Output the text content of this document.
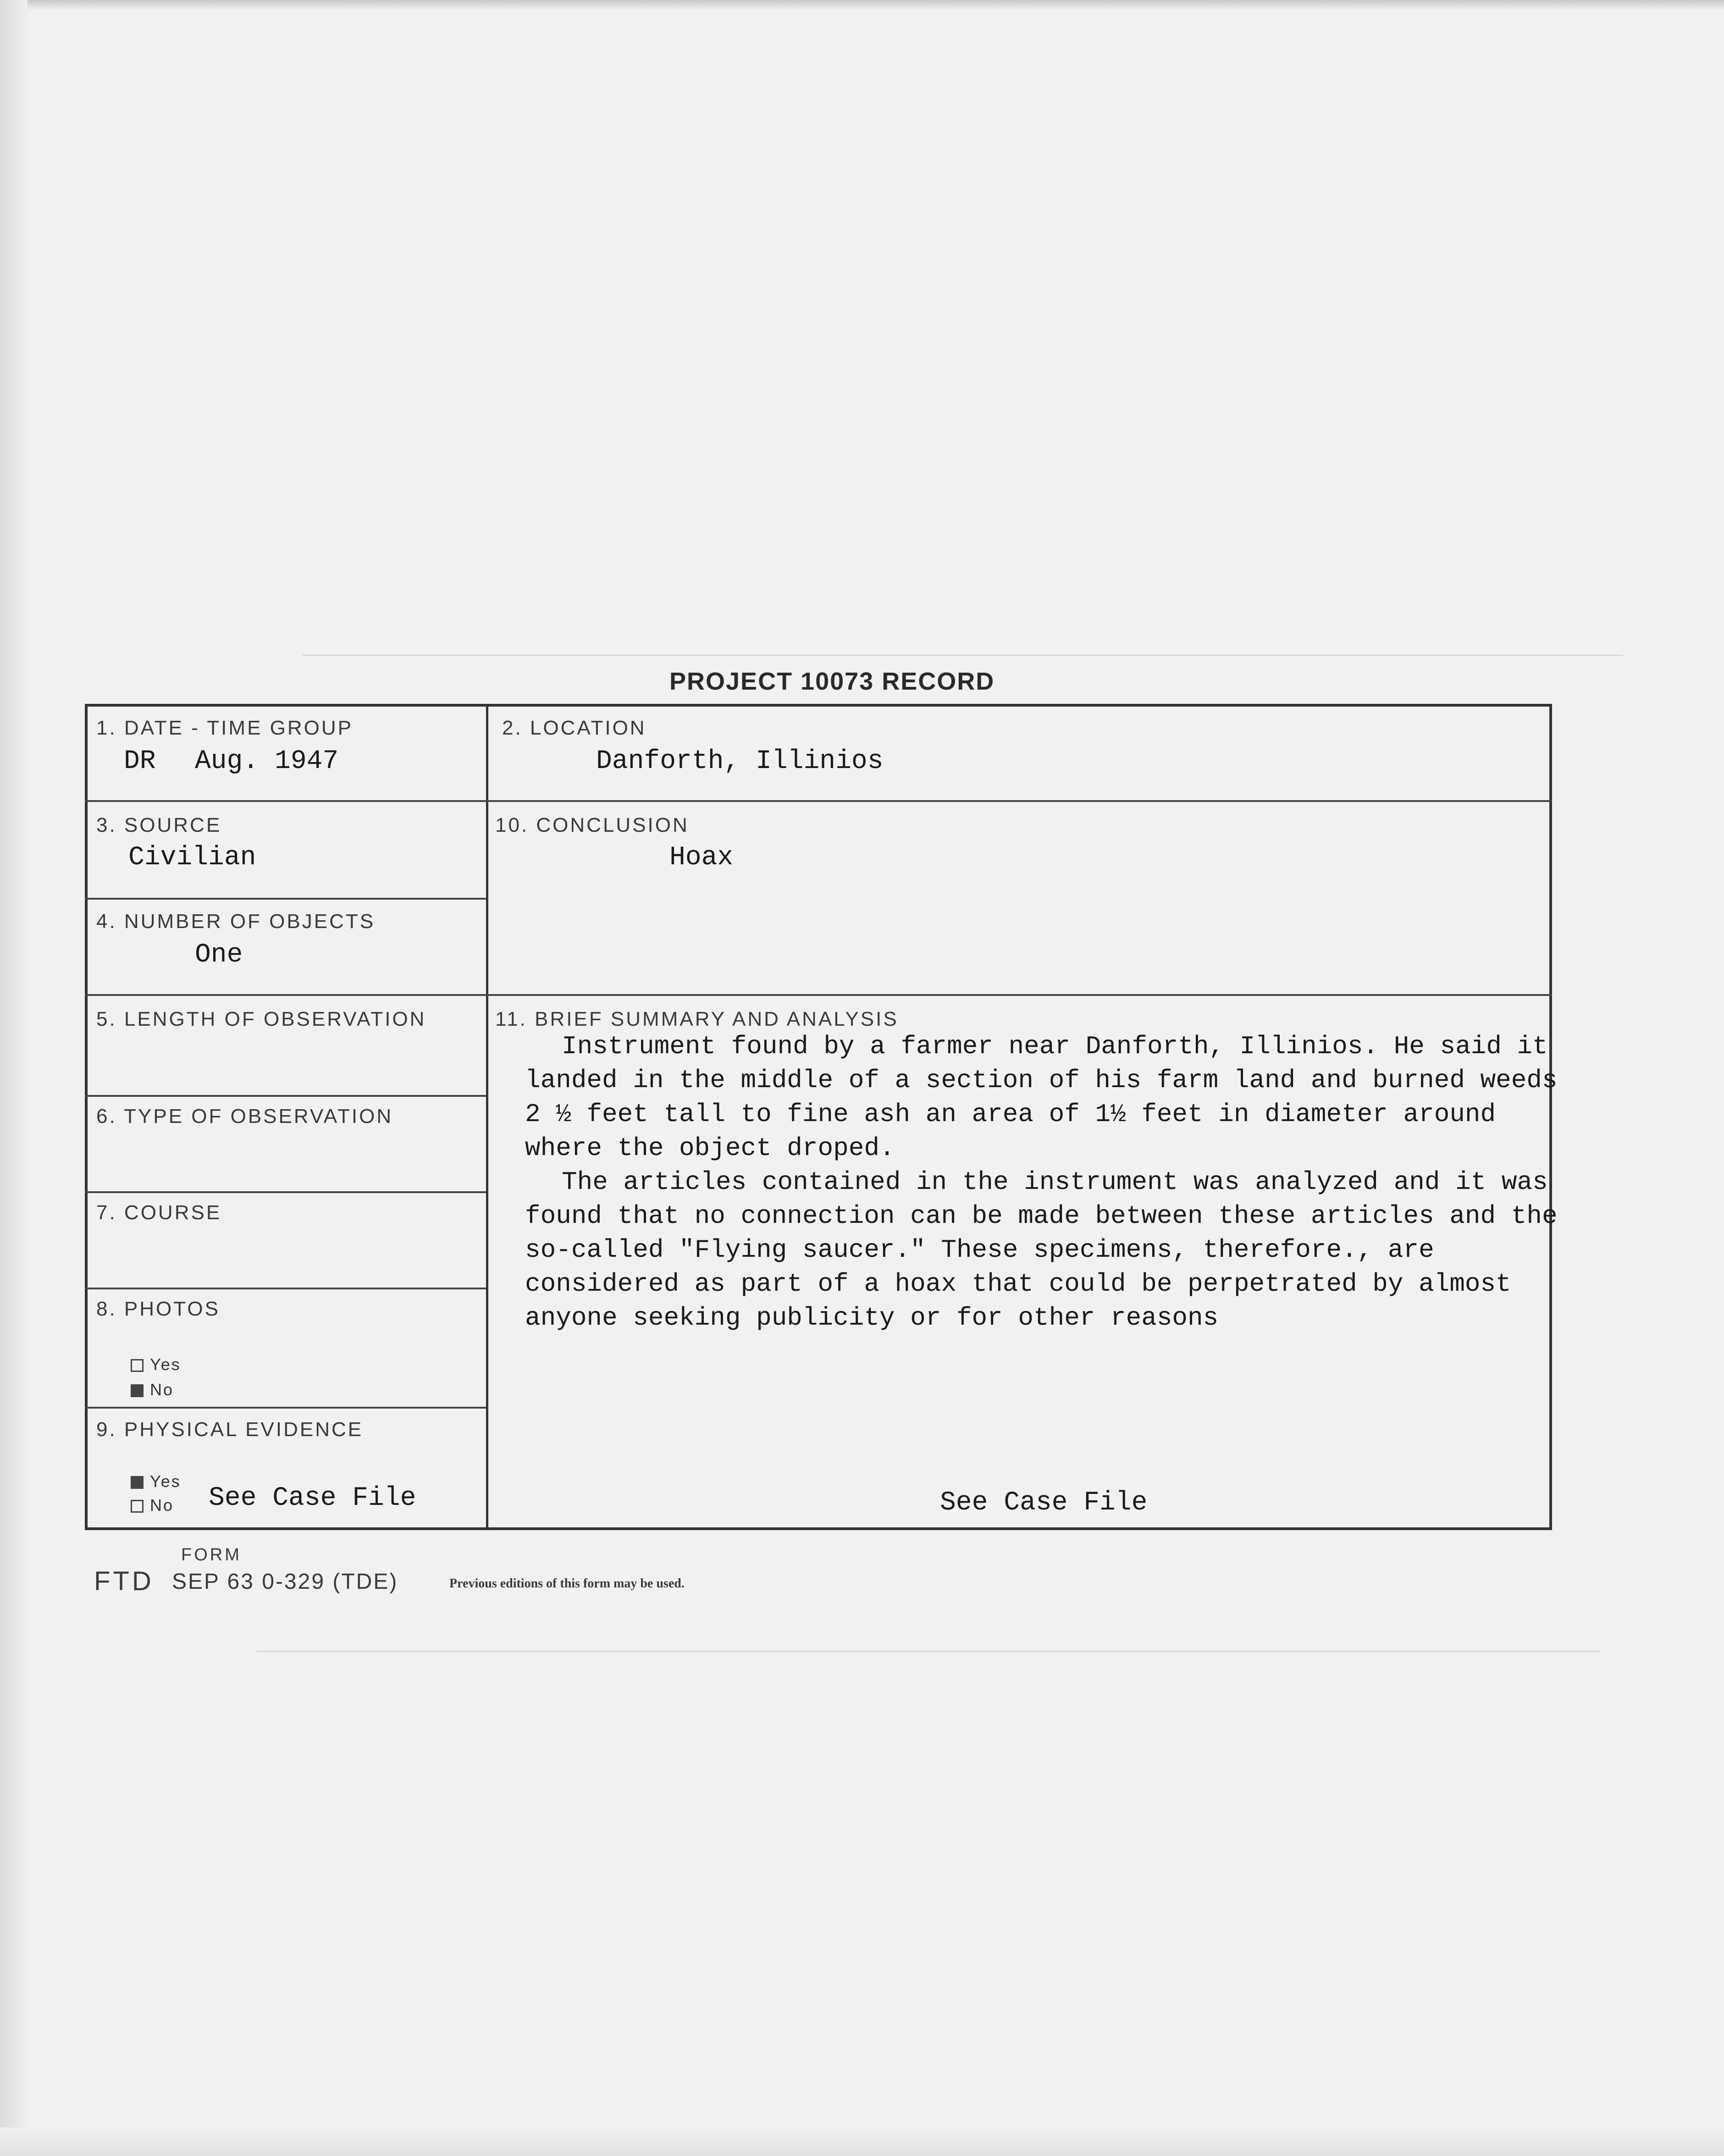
PROJECT 10073 RECORD
1. DATE - TIME GROUP
DR Aug. 1947
2. LOCATION
Danforth, Illinios
3. SOURCE
Civilian
10. CONCLUSION
Hoax
4. NUMBER OF OBJECTS
One
5. LENGTH OF OBSERVATION	11. BRIEF SUMMARY AND ANALYSIS
6. TYPE OF OBSERVATION
7. COURSE
8. PHOTOS
Yes
No
9. PHYSICAL EVIDENCE
Yes
No See Case File

Instrument found by a farmer near Danforth, Illinios. He said it landed in the middle of a section of his farm land and burned weeds 2 ½ feet tall to fine ash an area of 1½ feet in diameter around where the object droped.

The articles contained in the instrument was analyzed and it was found that no connection can be made between these articles and the so-called "Flying saucer." These specimens, therefore., are considered as part of a hoax that could be perpetrated by almost anyone seeking publicity or for other reasons

See Case File
FORM
FTD SEP 63 0-329 (TDE)	Previous editions of this form may be used.
